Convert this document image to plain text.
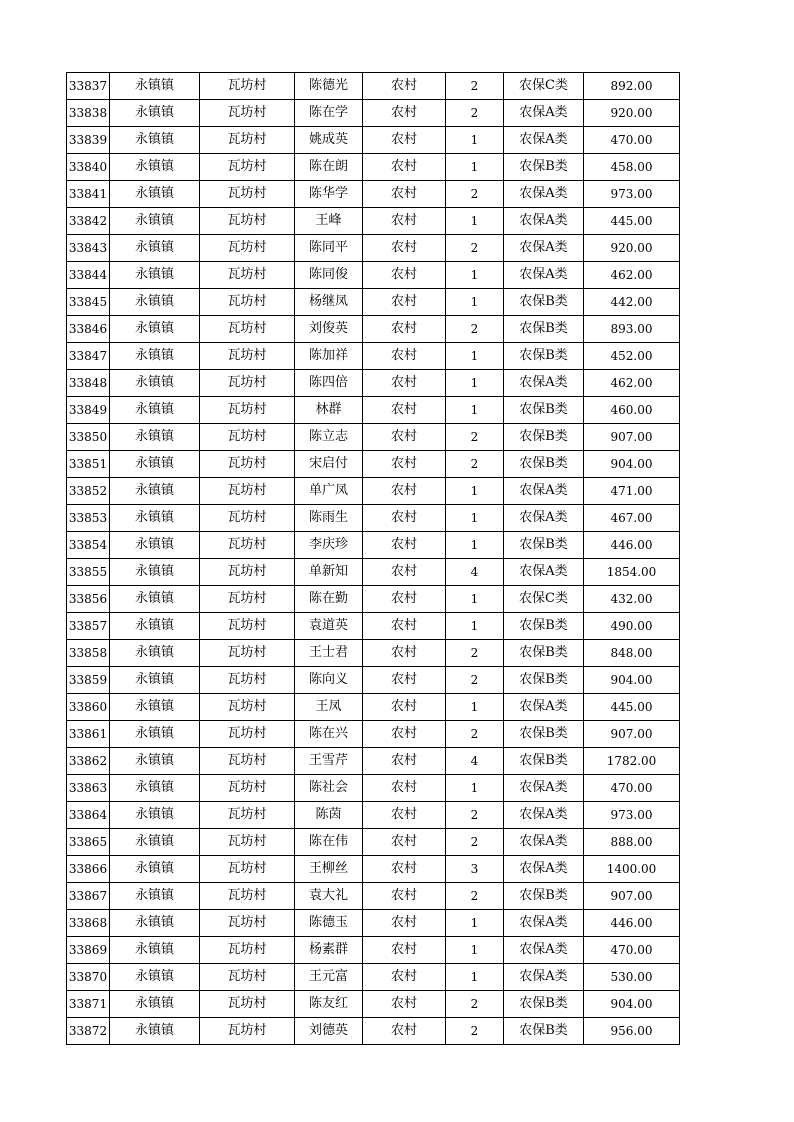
33837	永镇镇	瓦坊村	陈德光	农村	2	农保C类	892.00
33838	永镇镇	瓦坊村	陈在学	农村	2	农保A类	920.00
33839	永镇镇	瓦坊村	姚成英	农村	1	农保A类	470.00
33840	永镇镇	瓦坊村	陈在朗	农村	1	农保B类	458.00
33841	永镇镇	瓦坊村	陈华学	农村	2	农保A类	973.00
33842	永镇镇	瓦坊村	王峰	农村	1	农保A类	445.00
33843	永镇镇	瓦坊村	陈同平	农村	2	农保A类	920.00
33844	永镇镇	瓦坊村	陈同俊	农村	1	农保A类	462.00
33845	永镇镇	瓦坊村	杨继凤	农村	1	农保B类	442.00
33846	永镇镇	瓦坊村	刘俊英	农村	2	农保B类	893.00
33847	永镇镇	瓦坊村	陈加祥	农村	1	农保B类	452.00
33848	永镇镇	瓦坊村	陈四倍	农村	1	农保A类	462.00
33849	永镇镇	瓦坊村	林群	农村	1	农保B类	460.00
33850	永镇镇	瓦坊村	陈立志	农村	2	农保B类	907.00
33851	永镇镇	瓦坊村	宋启付	农村	2	农保B类	904.00
33852	永镇镇	瓦坊村	单广凤	农村	1	农保A类	471.00
33853	永镇镇	瓦坊村	陈雨生	农村	1	农保A类	467.00
33854	永镇镇	瓦坊村	李庆珍	农村	1	农保B类	446.00
33855	永镇镇	瓦坊村	单新知	农村	4	农保A类	1854.00
33856	永镇镇	瓦坊村	陈在勤	农村	1	农保C类	432.00
33857	永镇镇	瓦坊村	袁道英	农村	1	农保B类	490.00
33858	永镇镇	瓦坊村	王士君	农村	2	农保B类	848.00
33859	永镇镇	瓦坊村	陈向义	农村	2	农保B类	904.00
33860	永镇镇	瓦坊村	王凤	农村	1	农保A类	445.00
33861	永镇镇	瓦坊村	陈在兴	农村	2	农保B类	907.00
33862	永镇镇	瓦坊村	王雪芹	农村	4	农保B类	1782.00
33863	永镇镇	瓦坊村	陈社会	农村	1	农保A类	470.00
33864	永镇镇	瓦坊村	陈茵	农村	2	农保A类	973.00
33865	永镇镇	瓦坊村	陈在伟	农村	2	农保A类	888.00
33866	永镇镇	瓦坊村	王柳丝	农村	3	农保A类	1400.00
33867	永镇镇	瓦坊村	袁大礼	农村	2	农保B类	907.00
33868	永镇镇	瓦坊村	陈德玉	农村	1	农保A类	446.00
33869	永镇镇	瓦坊村	杨素群	农村	1	农保A类	470.00
33870	永镇镇	瓦坊村	王元富	农村	1	农保A类	530.00
33871	永镇镇	瓦坊村	陈友红	农村	2	农保B类	904.00
33872	永镇镇	瓦坊村	刘德英	农村	2	农保B类	956.00
